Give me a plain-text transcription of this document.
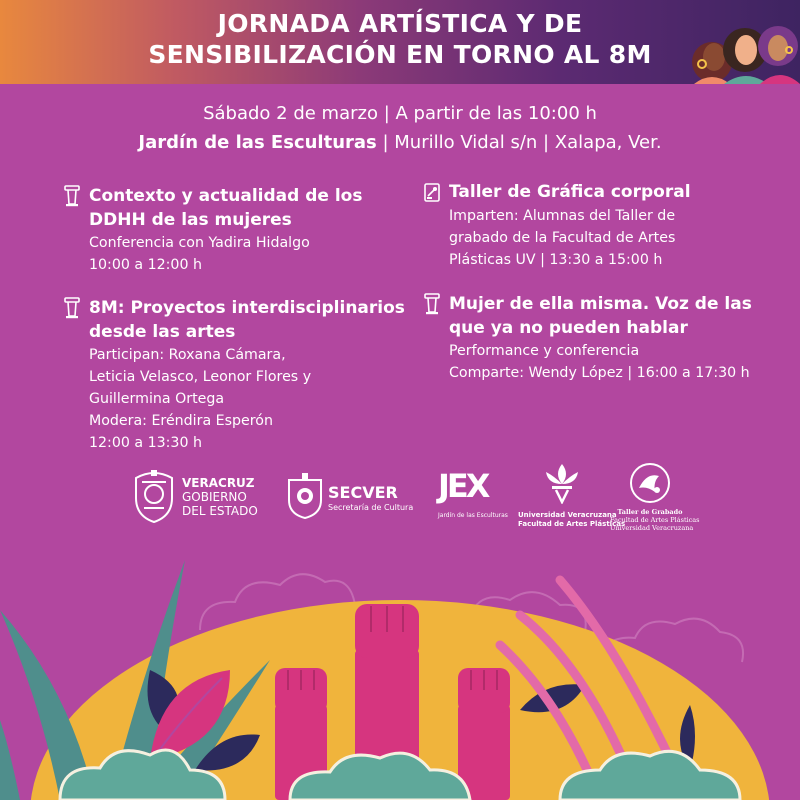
JORNADA ARTÍSTICA Y DE
SENSIBILIZACIÓN EN TORNO AL 8M
Sábado 2 de marzo | A partir de las 10:00 h
Jardín de las Esculturas | Murillo Vidal s/n | Xalapa, Ver.
Contexto y actualidad de los
DDHH de las mujeres
Conferencia con Yadira Hidalgo
10:00 a 12:00 h
8M: Proyectos interdisciplinarios
desde las artes
Participan: Roxana Cámara,
Leticia Velasco, Leonor Flores y
Guillermina Ortega
Modera: Eréndira Esperón
12:00 a 13:30 h
Taller de Gráfica corporal
Imparten: Alumnas del Taller de
grabado de la Facultad de Artes
Plásticas UV | 13:30 a 15:00 h
Mujer de ella misma. Voz de las
que ya no pueden hablar
Performance y conferencia
Comparte: Wendy López | 16:00 a 17:30 h
VERACRUZ
GOBIERNO
DEL ESTADO
SECVER
Secretaría de Cultura
JEX
Jardín de las Esculturas Universidad Veracruzana
Facultad de Artes Plásticas
Taller de Grabado
Facultad de Artes Plásticas
Universidad Veracruzana
